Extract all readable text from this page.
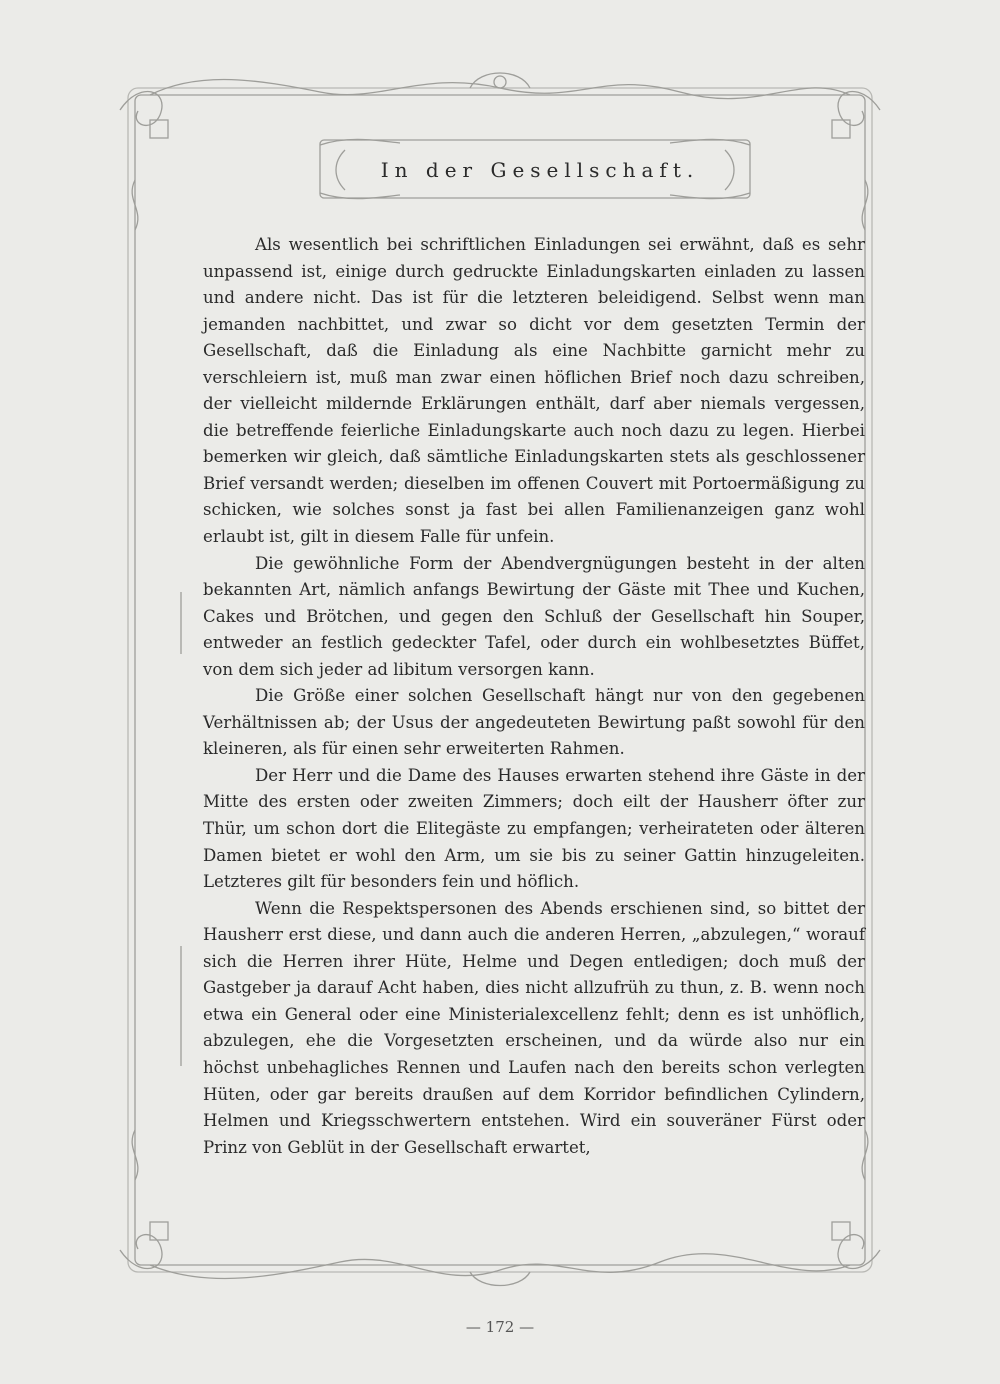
In der Gesellschaft.

Als wesentlich bei schriftlichen Einladungen sei erwähnt, daß es sehr unpassend ist, einige durch gedruckte Einladungskarten einladen zu lassen und andere nicht. Das ist für die letzteren beleidigend. Selbst wenn man jemanden nachbittet, und zwar so dicht vor dem gesetzten Termin der Gesellschaft, daß die Einladung als eine Nachbitte garnicht mehr zu verschleiern ist, muß man zwar einen höflichen Brief noch dazu schreiben, der vielleicht mildernde Erklärungen enthält, darf aber niemals vergessen, die betreffende feierliche Einladungskarte auch noch dazu zu legen. Hierbei bemerken wir gleich, daß sämtliche Einladungskarten stets als geschlossener Brief versandt werden; dieselben im offenen Couvert mit Portoermäßigung zu schicken, wie solches sonst ja fast bei allen Familienanzeigen ganz wohl erlaubt ist, gilt in diesem Falle für unfein.

Die gewöhnliche Form der Abendvergnügungen besteht in der alten bekannten Art, nämlich anfangs Bewirtung der Gäste mit Thee und Kuchen, Cakes und Brötchen, und gegen den Schluß der Gesellschaft hin Souper, entweder an festlich gedeckter Tafel, oder durch ein wohlbesetztes Büffet, von dem sich jeder ad libitum versorgen kann.

Die Größe einer solchen Gesellschaft hängt nur von den gegebenen Verhältnissen ab; der Usus der angedeuteten Bewirtung paßt sowohl für den kleineren, als für einen sehr erweiterten Rahmen.

Der Herr und die Dame des Hauses erwarten stehend ihre Gäste in der Mitte des ersten oder zweiten Zimmers; doch eilt der Hausherr öfter zur Thür, um schon dort die Elitegäste zu empfangen; verheirateten oder älteren Damen bietet er wohl den Arm, um sie bis zu seiner Gattin hinzugeleiten. Letzteres gilt für besonders fein und höflich.

Wenn die Respektspersonen des Abends erschienen sind, so bittet der Hausherr erst diese, und dann auch die anderen Herren, „abzulegen,“ worauf sich die Herren ihrer Hüte, Helme und Degen entledigen; doch muß der Gastgeber ja darauf Acht haben, dies nicht allzufrüh zu thun, z. B. wenn noch etwa ein General oder eine Ministerialexcellenz fehlt; denn es ist unhöflich, abzulegen, ehe die Vorgesetzten erscheinen, und da würde also nur ein höchst unbehagliches Rennen und Laufen nach den bereits schon verlegten Hüten, oder gar bereits draußen auf dem Korridor befindlichen Cylindern, Helmen und Kriegsschwertern entstehen. Wird ein souveräner Fürst oder Prinz von Geblüt in der Gesellschaft erwartet,

— 172 —
